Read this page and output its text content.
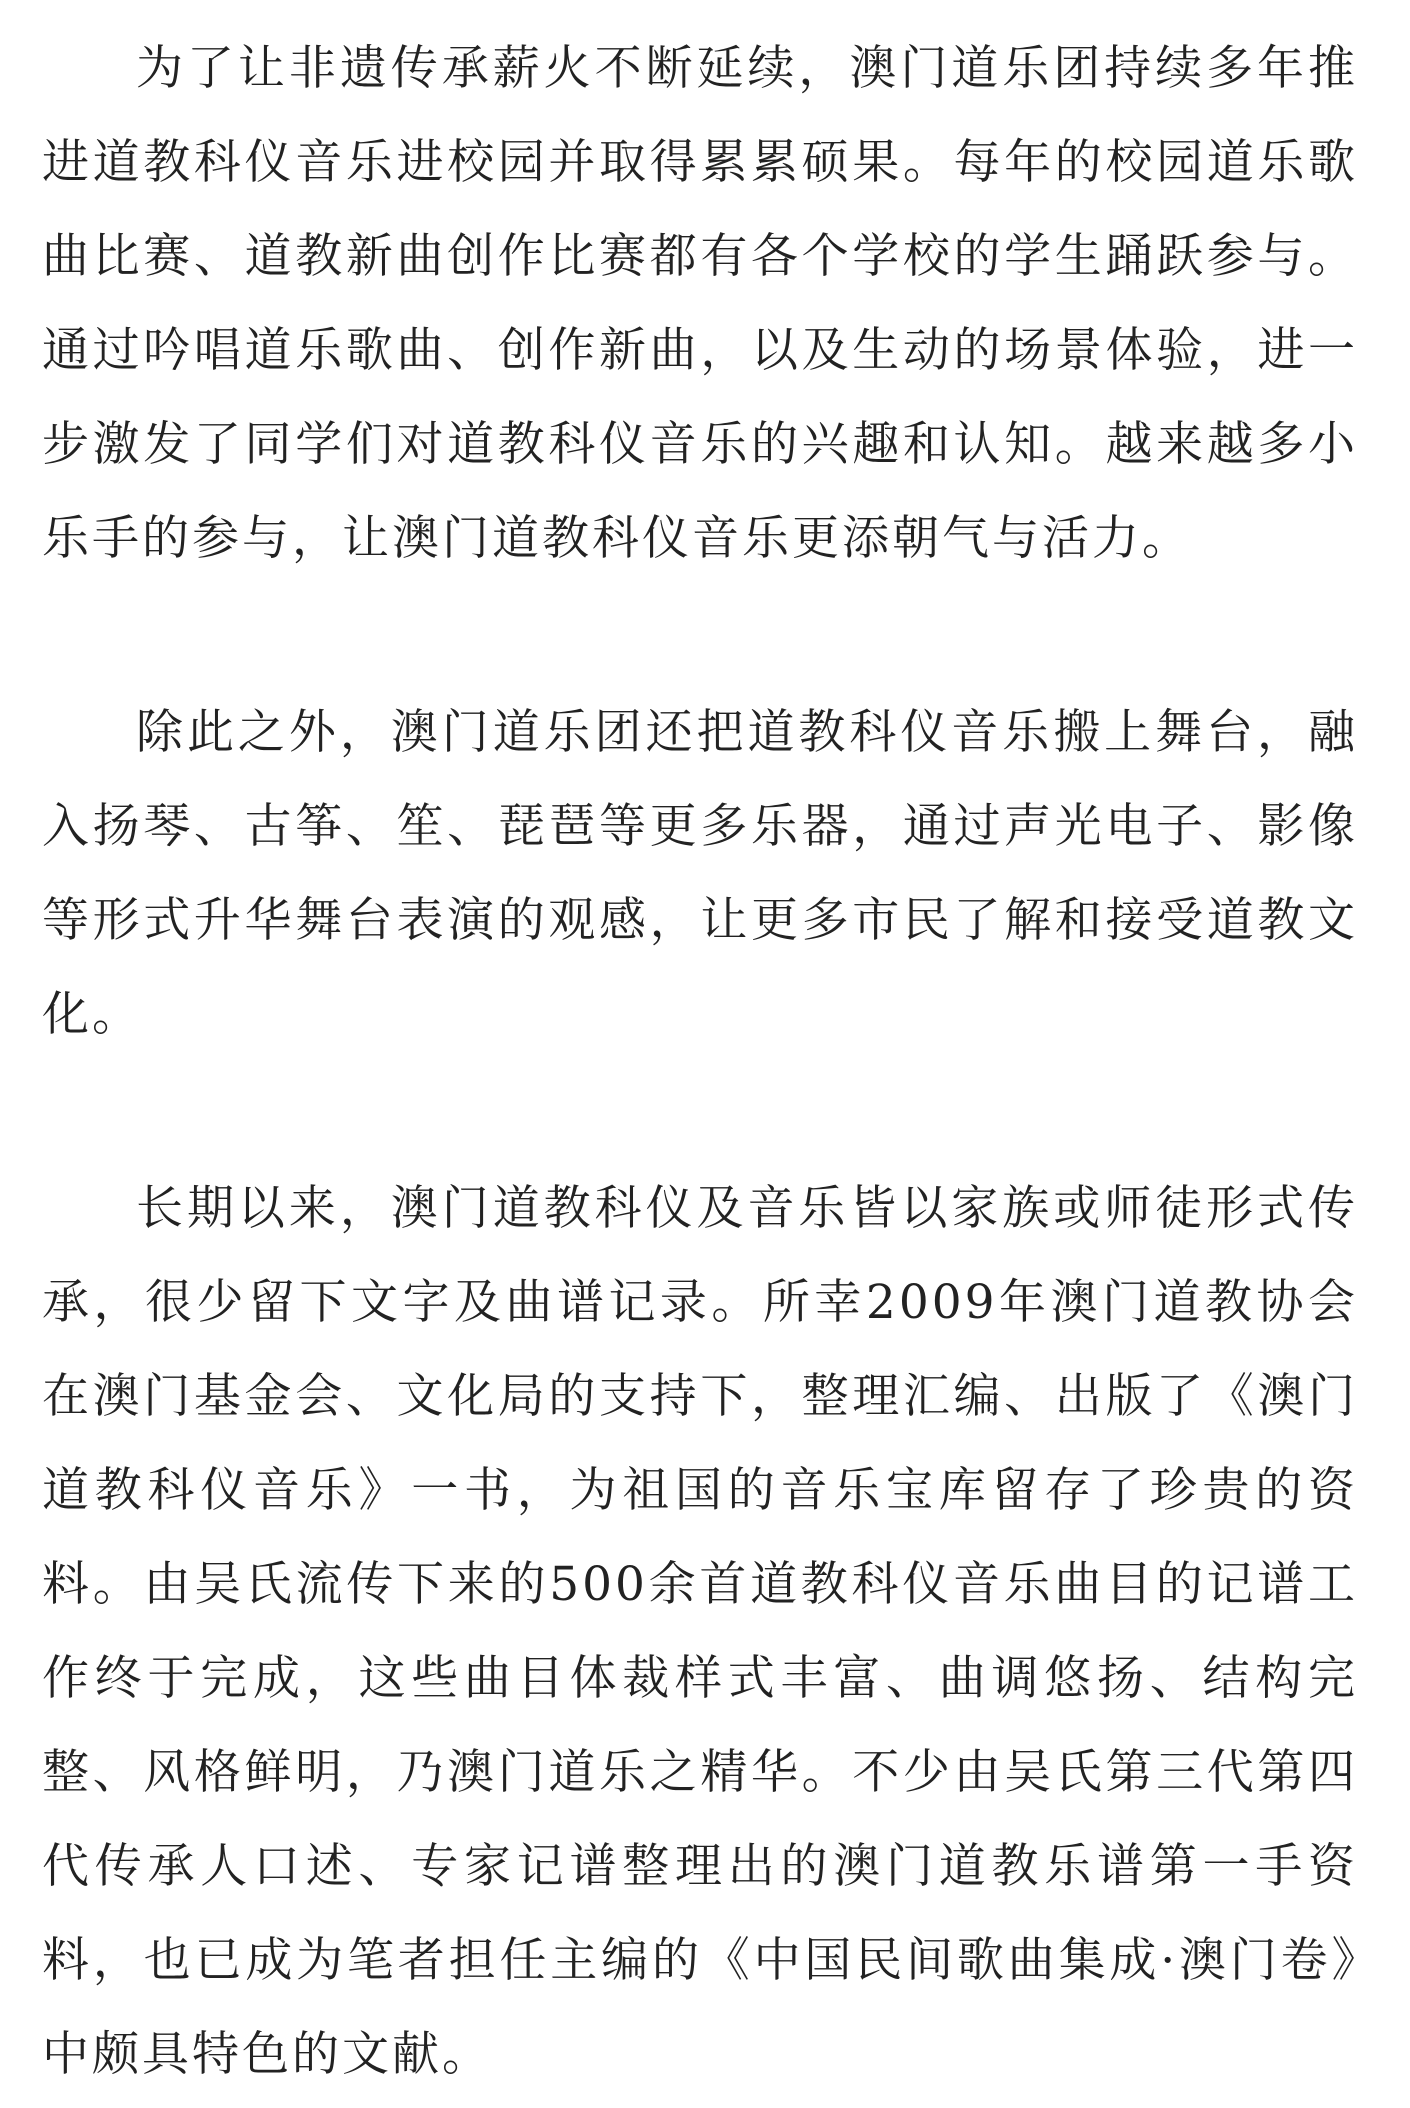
为了让非遗传承薪火不断延续，澳门道乐团持续多年推进道教科仪音乐进校园并取得累累硕果。每年的校园道乐歌曲比赛、道教新曲创作比赛都有各个学校的学生踊跃参与。通过吟唱道乐歌曲、创作新曲，以及生动的场景体验，进一步激发了同学们对道教科仪音乐的兴趣和认知。越来越多小乐手的参与，让澳门道教科仪音乐更添朝气与活力。

除此之外，澳门道乐团还把道教科仪音乐搬上舞台，融入扬琴、古筝、笙、琵琶等更多乐器，通过声光电子、影像等形式升华舞台表演的观感，让更多市民了解和接受道教文化。

长期以来，澳门道教科仪及音乐皆以家族或师徒形式传承，很少留下文字及曲谱记录。所幸2009年澳门道教协会在澳门基金会、文化局的支持下，整理汇编、出版了《澳门道教科仪音乐》一书，为祖国的音乐宝库留存了珍贵的资料。由吴氏流传下来的500余首道教科仪音乐曲目的记谱工作终于完成，这些曲目体裁样式丰富、曲调悠扬、结构完整、风格鲜明，乃澳门道乐之精华。不少由吴氏第三代第四代传承人口述、专家记谱整理出的澳门道教乐谱第一手资料，也已成为笔者担任主编的《中国民间歌曲集成·澳门卷》中颇具特色的文献。
